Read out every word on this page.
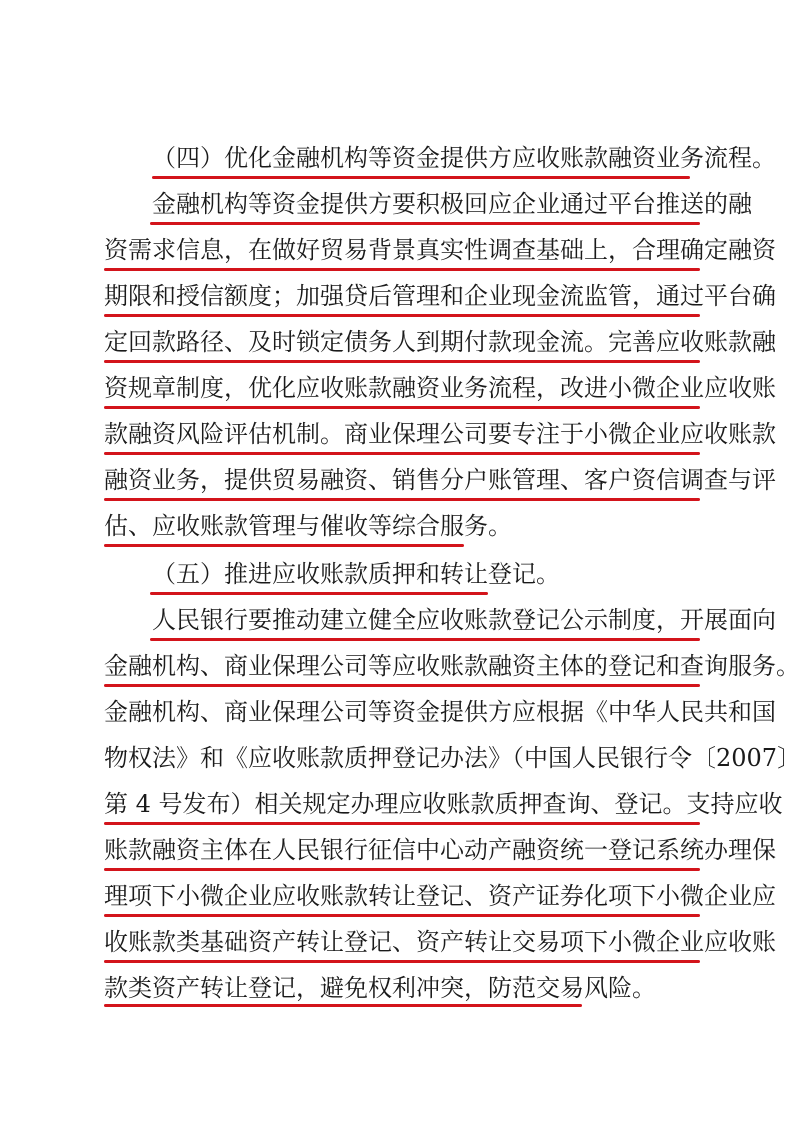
（四）优化金融机构等资金提供方应收账款融资业务流程。
金融机构等资金提供方要积极回应企业通过平台推送的融
资需求信息，在做好贸易背景真实性调查基础上，合理确定融资
期限和授信额度；加强贷后管理和企业现金流监管，通过平台确
定回款路径、及时锁定债务人到期付款现金流。完善应收账款融
资规章制度，优化应收账款融资业务流程，改进小微企业应收账
款融资风险评估机制。商业保理公司要专注于小微企业应收账款
融资业务，提供贸易融资、销售分户账管理、客户资信调查与评
估、应收账款管理与催收等综合服务。
（五）推进应收账款质押和转让登记。
人民银行要推动建立健全应收账款登记公示制度，开展面向
金融机构、商业保理公司等应收账款融资主体的登记和查询服务。
金融机构、商业保理公司等资金提供方应根据《中华人民共和国
物权法》和《应收账款质押登记办法》（中国人民银行令〔2007〕
第 4 号发布）相关规定办理应收账款质押查询、登记。支持应收
账款融资主体在人民银行征信中心动产融资统一登记系统办理保
理项下小微企业应收账款转让登记、资产证券化项下小微企业应
收账款类基础资产转让登记、资产转让交易项下小微企业应收账
款类资产转让登记，避免权利冲突，防范交易风险。
